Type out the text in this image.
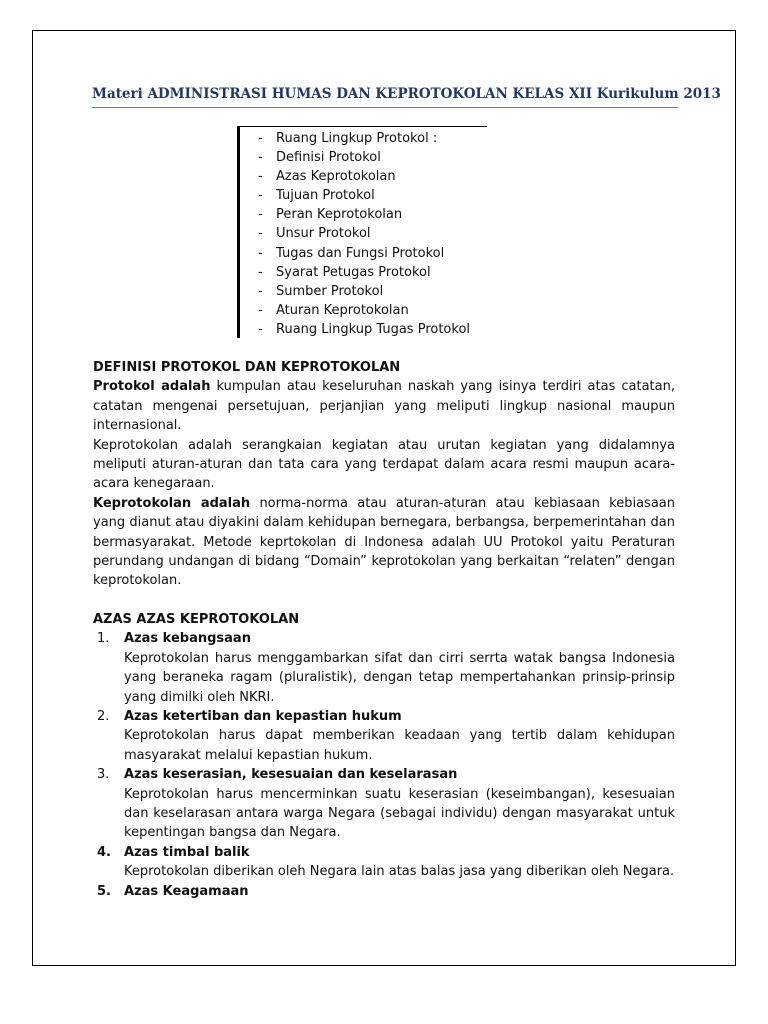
Materi ADMINISTRASI HUMAS DAN KEPROTOKOLAN KELAS XII Kurikulum 2013
- Ruang Lingkup Protokol :
- Definisi Protokol
- Azas Keprotokolan
- Tujuan Protokol
- Peran Keprotokolan
- Unsur Protokol
- Tugas dan Fungsi Protokol
- Syarat Petugas Protokol
- Sumber Protokol
- Aturan Keprotokolan
- Ruang Lingkup Tugas Protokol

DEFINISI PROTOKOL DAN KEPROTOKOLAN

Protokol adalah kumpulan atau keseluruhan naskah yang isinya terdiri atas catatan, catatan mengenai persetujuan, perjanjian yang meliputi lingkup nasional maupun internasional.

Keprotokolan adalah serangkaian kegiatan atau urutan kegiatan yang didalamnya meliputi aturan-aturan dan tata cara yang terdapat dalam acara resmi maupun acara- acara kenegaraan.

Keprotokolan adalah norma-norma atau aturan-aturan atau kebiasaan kebiasaan yang dianut atau diyakini dalam kehidupan bernegara, berbangsa, berpemerintahan dan bermasyarakat. Metode keprtokolan di Indonesa adalah UU Protokol yaitu Peraturan perundang undangan di bidang “Domain” keprotokolan yang berkaitan “relaten” dengan keprotokolan.

AZAS AZAS KEPROTOKOLAN

1.	Azas kebangsaan
Keprotokolan harus menggambarkan sifat dan cirri serrta watak bangsa Indonesia yang beraneka ragam (pluralistik), dengan tetap mempertahankan prinsip-prinsip yang dimilki oleh NKRI.
2.	Azas ketertiban dan kepastian hukum
Keprotokolan harus dapat memberikan keadaan yang tertib dalam kehidupan masyarakat melalui kepastian hukum.
3.	Azas keserasian, kesesuaian dan keselarasan
Keprotokolan harus mencerminkan suatu keserasian (keseimbangan), kesesuaian dan keselarasan antara warga Negara (sebagai individu) dengan masyarakat untuk kepentingan bangsa dan Negara.
4.	Azas timbal balik
Keprotokolan diberikan oleh Negara lain atas balas jasa yang diberikan oleh Negara.
5.	Azas Keagamaan
